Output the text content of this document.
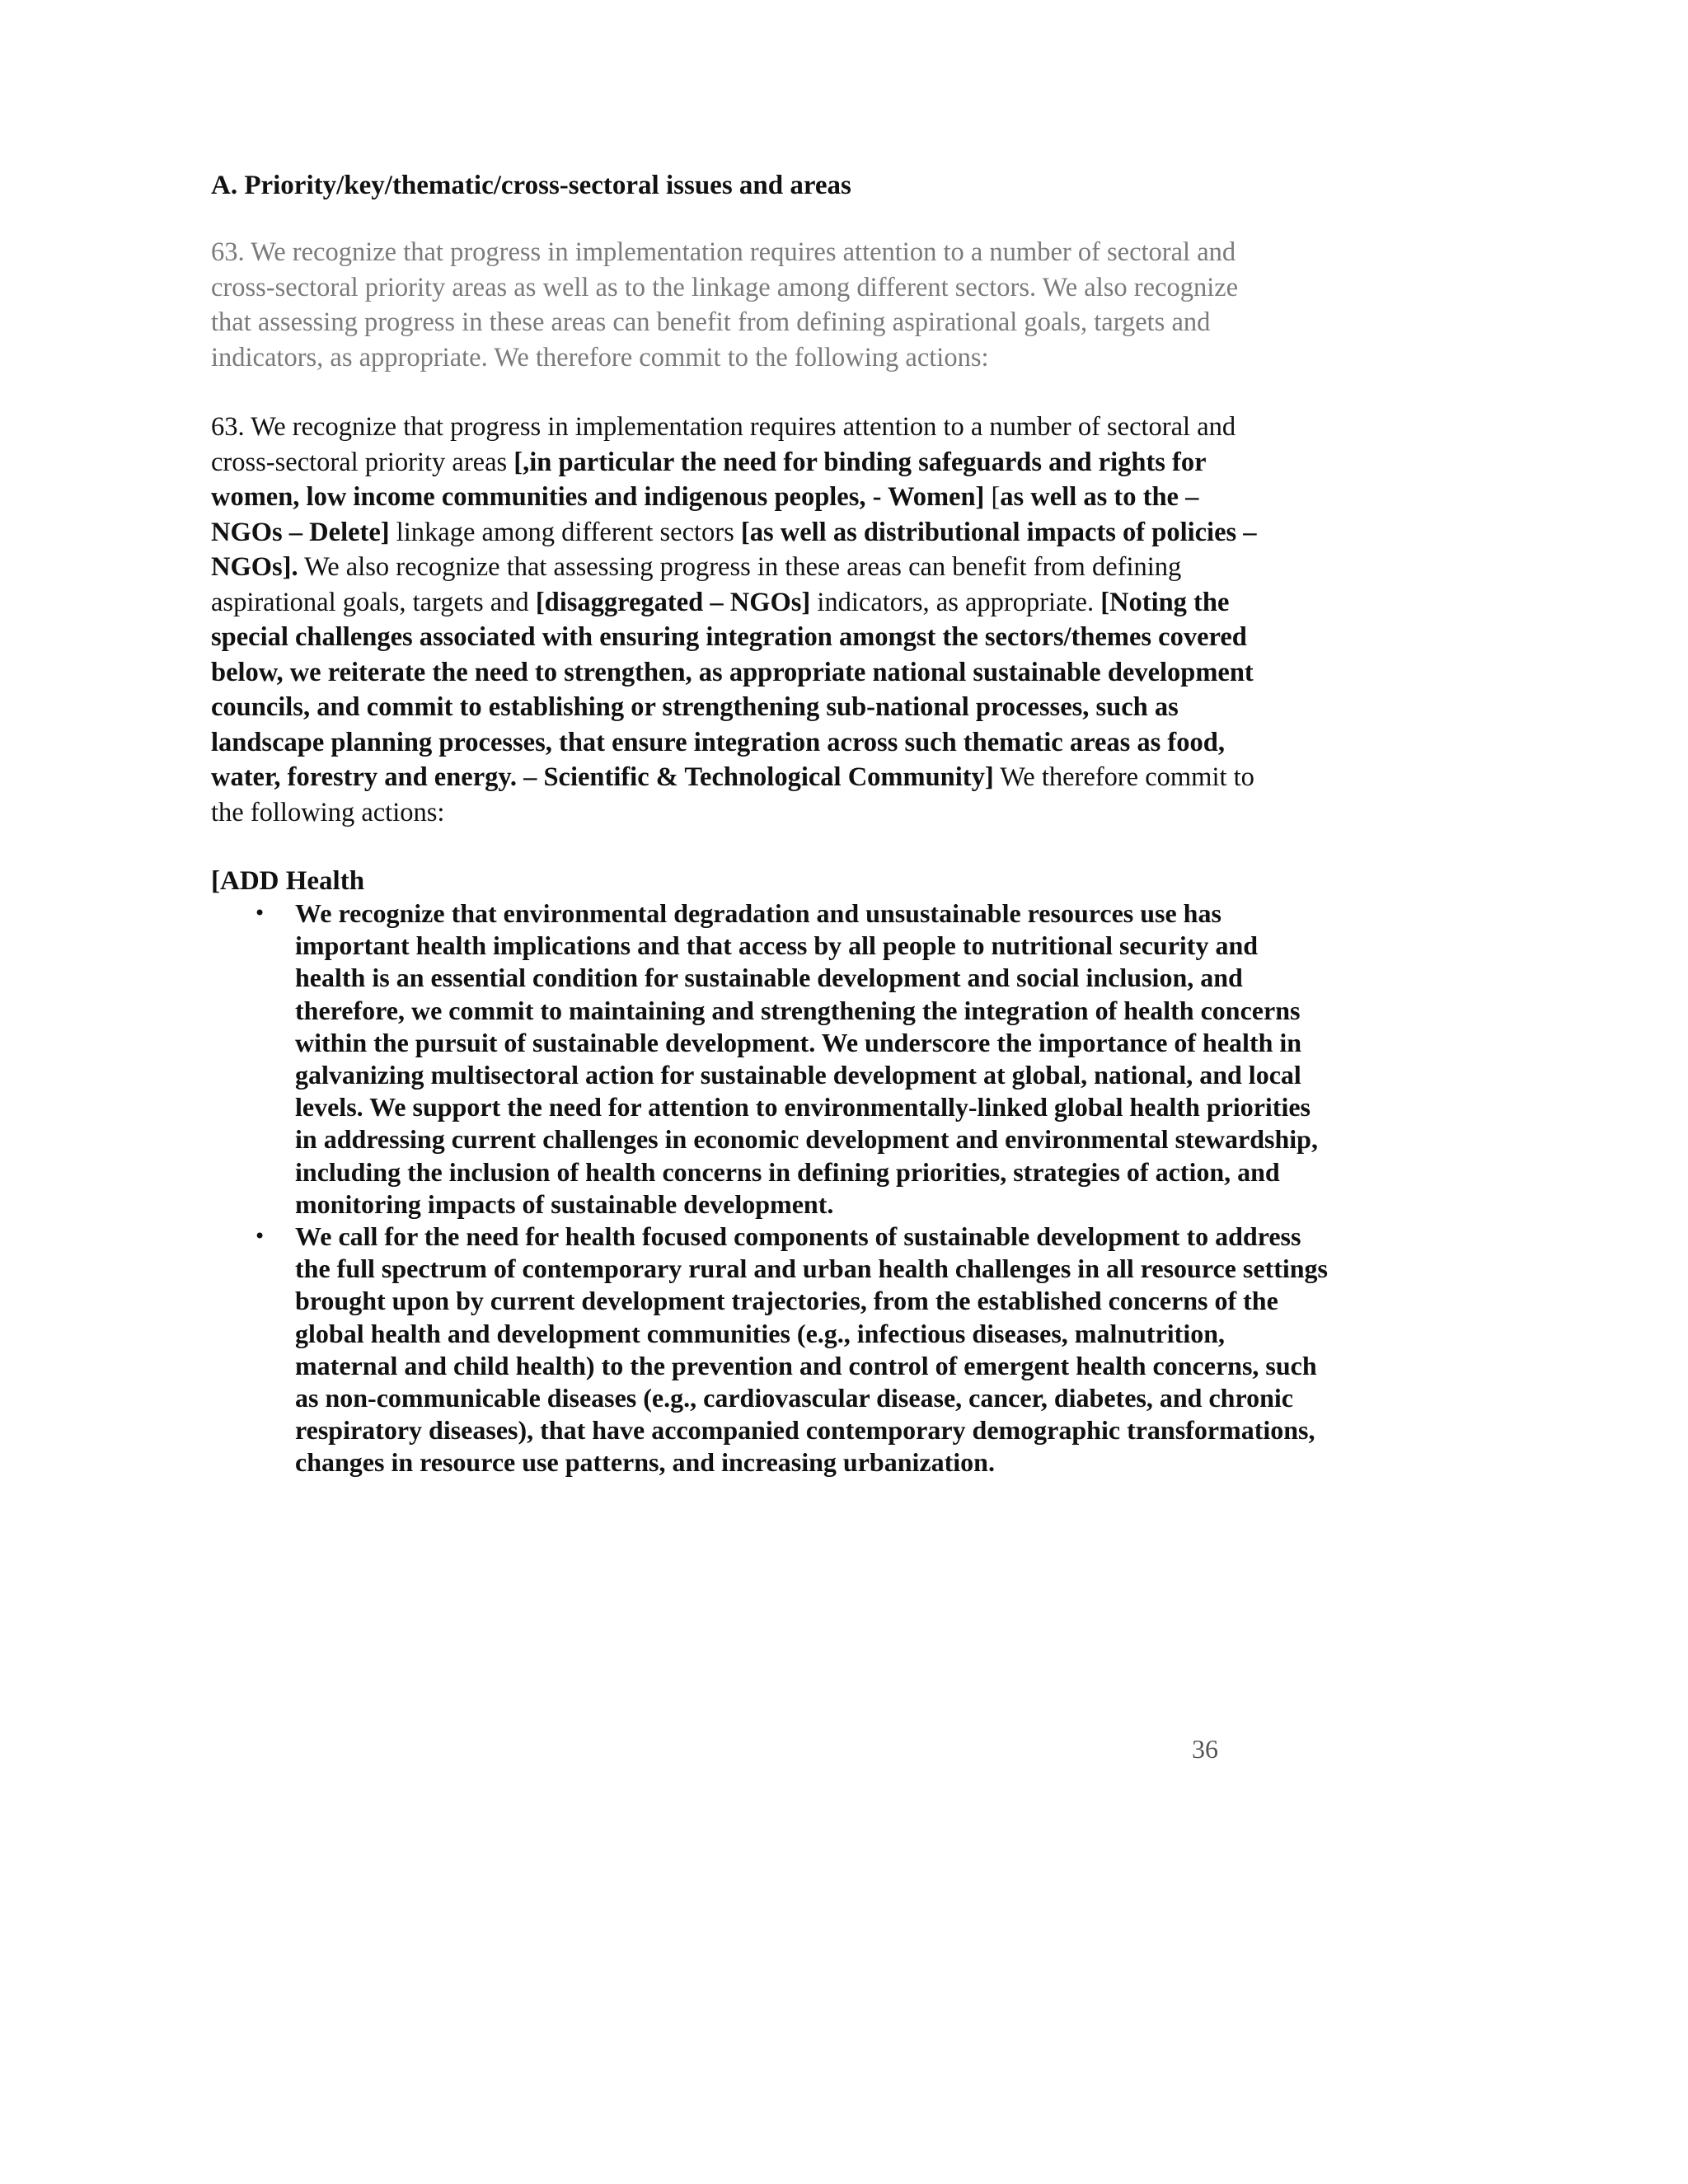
A. Priority/key/thematic/cross-sectoral issues and areas

63. We recognize that progress in implementation requires attention to a number of sectoral and cross-sectoral priority areas as well as to the linkage among different sectors. We also recognize that assessing progress in these areas can benefit from defining aspirational goals, targets and indicators, as appropriate. We therefore commit to the following actions:

63. We recognize that progress in implementation requires attention to a number of sectoral and cross-sectoral priority areas [,in particular the need for binding safeguards and rights for women, low income communities and indigenous peoples, - Women] [as well as to the – NGOs – Delete] linkage among different sectors [as well as distributional impacts of policies – NGOs]. We also recognize that assessing progress in these areas can benefit from defining aspirational goals, targets and [disaggregated – NGOs] indicators, as appropriate. [Noting the special challenges associated with ensuring integration amongst the sectors/themes covered below, we reiterate the need to strengthen, as appropriate national sustainable development councils, and commit to establishing or strengthening sub-national processes, such as landscape planning processes, that ensure integration across such thematic areas as food, water, forestry and energy. – Scientific & Technological Community] We therefore commit to the following actions:

[ADD Health
• We recognize that environmental degradation and unsustainable resources use has important health implications and that access by all people to nutritional security and health is an essential condition for sustainable development and social inclusion, and therefore, we commit to maintaining and strengthening the integration of health concerns within the pursuit of sustainable development. We underscore the importance of health in galvanizing multisectoral action for sustainable development at global, national, and local levels. We support the need for attention to environmentally-linked global health priorities in addressing current challenges in economic development and environmental stewardship, including the inclusion of health concerns in defining priorities, strategies of action, and monitoring impacts of sustainable development.
• We call for the need for health focused components of sustainable development to address the full spectrum of contemporary rural and urban health challenges in all resource settings brought upon by current development trajectories, from the established concerns of the global health and development communities (e.g., infectious diseases, malnutrition, maternal and child health) to the prevention and control of emergent health concerns, such as non-communicable diseases (e.g., cardiovascular disease, cancer, diabetes, and chronic respiratory diseases), that have accompanied contemporary demographic transformations, changes in resource use patterns, and increasing urbanization.
36
